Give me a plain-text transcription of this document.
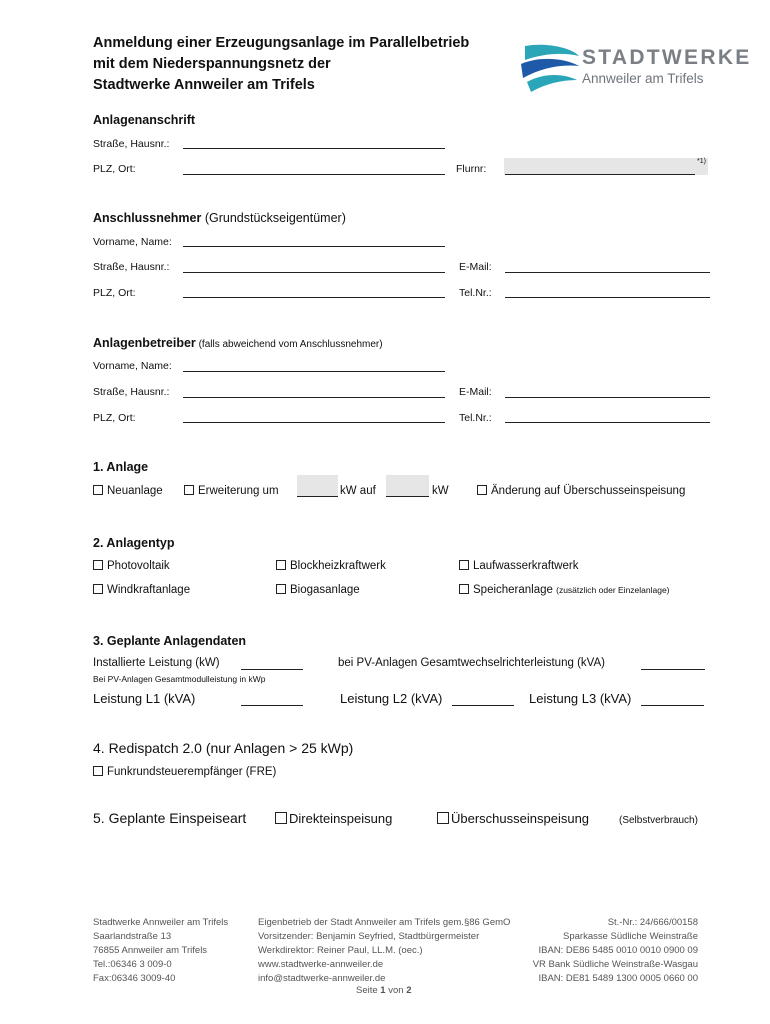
Anmeldung einer Erzeugungsanlage im Parallelbetrieb
mit dem Niederspannungsnetz der
Stadtwerke Annweiler am Trifels
STADTWERKE
Annweiler am Trifels
Anlagenanschrift
Straße, Hausnr.:
PLZ, Ort:	Flurnr:
*1)
Anschlussnehmer (Grundstückseigentümer)
Vorname, Name:
Straße, Hausnr.:	E-Mail:
PLZ, Ort:	Tel.Nr.:
Anlagenbetreiber (falls abweichend vom Anschlussnehmer)
Vorname, Name:
Straße, Hausnr.:	E-Mail:
PLZ, Ort:	Tel.Nr.:
1. Anlage
Neuanlage	Erweiterung um	kW auf	kW	Änderung auf Überschusseinspeisung
2. Anlagentyp
Photovoltaik	Blockheizkraftwerk	Laufwasserkraftwerk
Windkraftanlage	Biogasanlage	Speicheranlage (zusätzlich oder Einzelanlage)
3. Geplante Anlagendaten
Installierte Leistung (kW)
Bei PV-Anlagen Gesamtmodulleistung in kWp
bei PV-Anlagen Gesamtwechselrichterleistung (kVA)
Leistung L1 (kVA)	Leistung L2 (kVA)	Leistung L3 (kVA)
4. Redispatch 2.0 (nur Anlagen > 25 kWp)
Funkrundsteuerempfänger (FRE)
5. Geplante Einspeiseart	Direkteinspeisung	Überschusseinspeisung	(Selbstverbrauch)
Stadtwerke Annweiler am Trifels
Saarlandstraße 13
76855 Annweiler am Trifels
Tel.:06346 3 009-0
Fax:06346 3009-40
Eigenbetrieb der Stadt Annweiler am Trifels gem.§86 GemO
Vorsitzender: Benjamin Seyfried, Stadtbürgermeister
Werkdirektor: Reiner Paul, LL.M. (oec.)
www.stadtwerke-annweiler.de
info@stadtwerke-annweiler.de
St.-Nr.: 24/666/00158
Sparkasse Südliche Weinstraße
IBAN: DE86 5485 0010 0010 0900 09
VR Bank Südliche Weinstraße-Wasgau
IBAN: DE81 5489 1300 0005 0660 00
Seite 1 von 2
